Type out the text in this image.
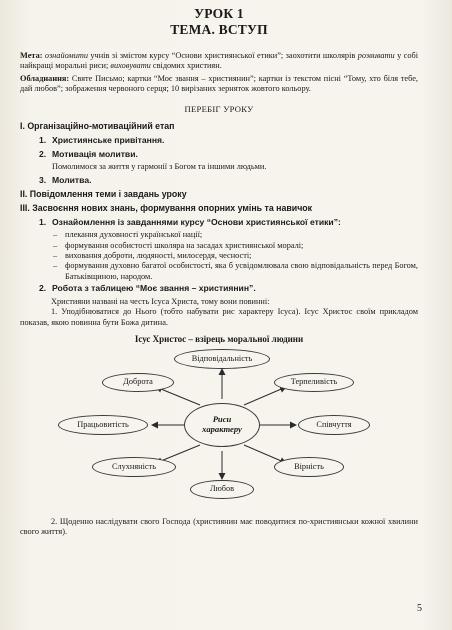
УРОК 1
ТЕМА. ВСТУП

Мета: ознайомити учнів зі змістом курсу “Основи християнської етики”; заохотити школярів розвивати у собі найкращі моральні риси; виховувати свідомих християн.

Обладнання: Святе Письмо; картки “Моє звання – християнин”; картки із текстом пісні “Тому, хто біля тебе, дай любов”; зображення червоного серця; 10 вирізаних зерняток жовтого кольору.

ПЕРЕБІГ УРОКУ
I. Організаційно-мотиваційний етап
1. Християнське привітання.
2. Мотивація молитви.
Помолимося за життя у гармонії з Богом та іншими людьми.
3. Молитва.
II. Повідомлення теми і завдань уроку
III. Засвоєння нових знань, формування опорних умінь та навичок
1. Ознайомлення із завданнями курсу “Основи християнської етики”:
– плекання духовності української нації;
– формування особистості школяра на засадах християнської моралі;
– виховання доброти, людяності, милосердя, чесності;
– формування духовно багатої особистості, яка б усвідомлювала свою відповідальність перед Богом, Батьківщиною, народом.
2. Робота з таблицею “Моє звання – християнин”.

Християни названі на честь Ісуса Христа, тому вони повинні:

1. Уподібнюватися до Нього (тобто набувати рис характеру Ісуса). Ісус Христос своїм прикладом показав, якою повинна бути Божа дитина.

Ісус Христос – взірець моральної людини
Риси
характеру
Відповідальність
Доброта	Терпеливість
Працьовитість	Співчуття
Слухняність	Вірність
Любов

2. Щоденно наслідувати свого Господа (християнин має поводитися по-християнськи кожної хвилини свого життя).

5
